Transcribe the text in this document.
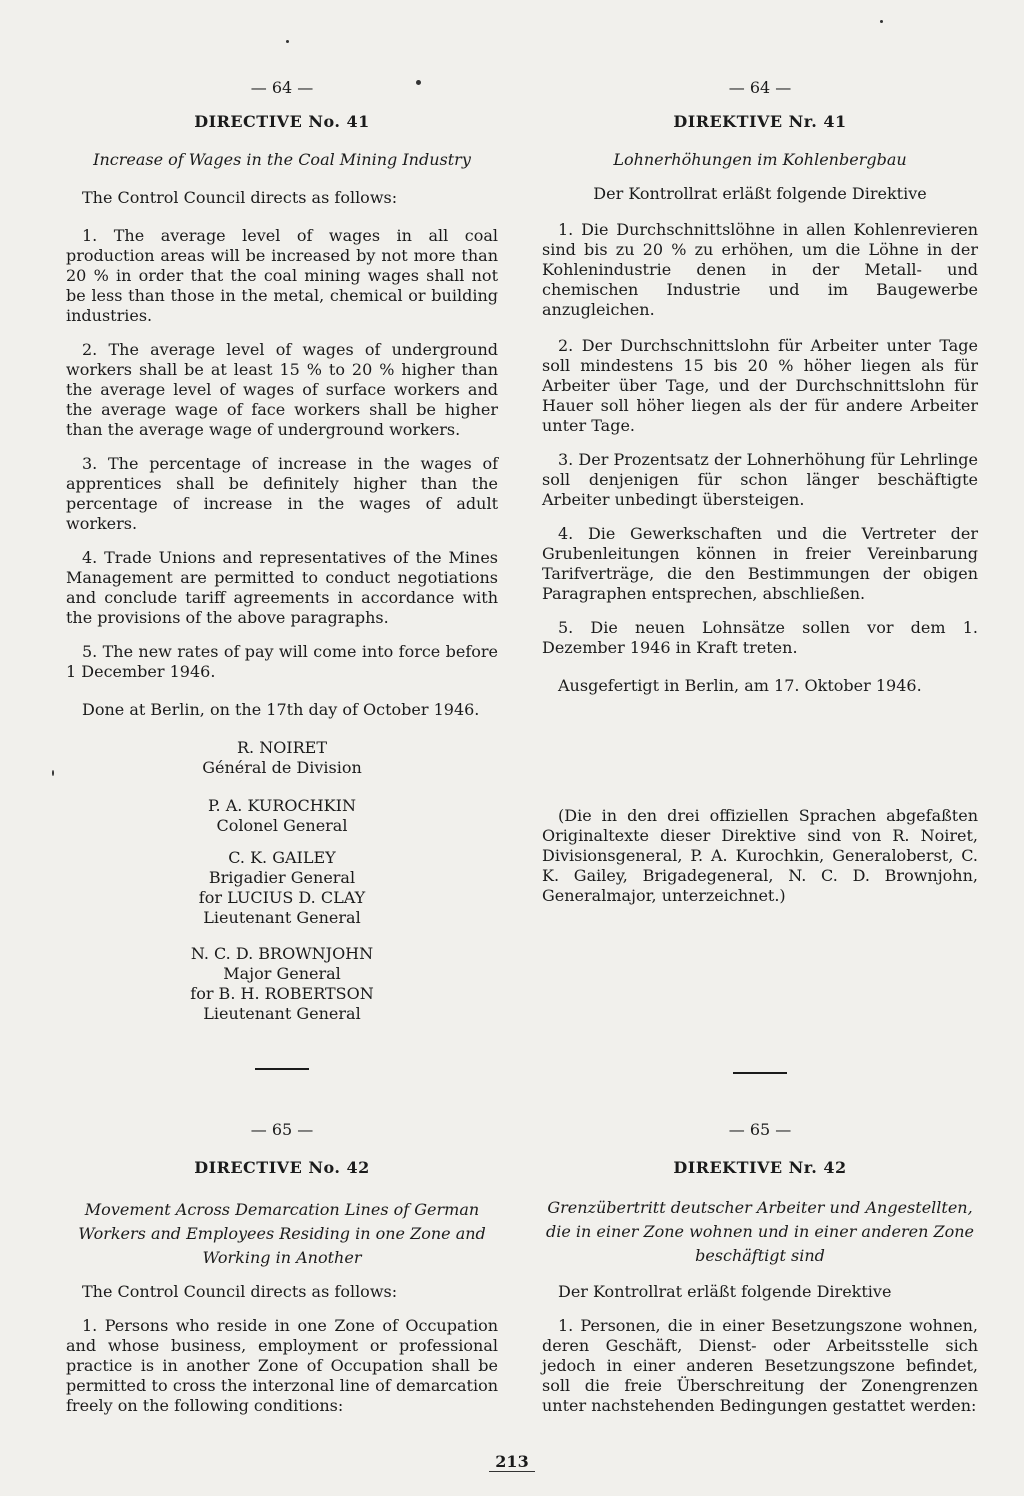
— 64 —
DIRECTIVE No. 41
Increase of Wages in the Coal Mining Industry
The Control Council directs as follows:

1. The average level of wages in all coal production areas will be increased by not more than 20 % in order that the coal mining wages shall not be less than those in the metal, chemical or building industries.

2. The average level of wages of underground workers shall be at least 15 % to 20 % higher than the average level of wages of surface workers and the average wage of face workers shall be higher than the average wage of underground workers.

3. The percentage of increase in the wages of apprentices shall be definitely higher than the percentage of increase in the wages of adult workers.

4. Trade Unions and representatives of the Mines Management are permitted to conduct negotiations and conclude tariff agreements in accordance with the provisions of the above paragraphs.

5. The new rates of pay will come into force before 1 December 1946.

Done at Berlin, on the 17th day of October 1946.
R. NOIRET
Général de Division
P. A. KUROCHKIN
Colonel General
C. K. GAILEY
Brigadier General
for LUCIUS D. CLAY
Lieutenant General
N. C. D. BROWNJOHN
Major General
for B. H. ROBERTSON
Lieutenant General
— 65 —
DIRECTIVE No. 42
Movement Across Demarcation Lines of German Workers and Employees Residing in one Zone and Working in Another
The Control Council directs as follows:

1. Persons who reside in one Zone of Occupation and whose business, employment or professional practice is in another Zone of Occupation shall be permitted to cross the interzonal line of demarcation freely on the following conditions:

— 64 —
DIREKTIVE Nr. 41
Lohnerhöhungen im Kohlenbergbau
Der Kontrollrat erläßt folgende Direktive

1. Die Durchschnittslöhne in allen Kohlenrevieren sind bis zu 20 % zu erhöhen, um die Löhne in der Kohlenindustrie denen in der Metall- und chemischen Industrie und im Baugewerbe anzugleichen.

2. Der Durchschnittslohn für Arbeiter unter Tage soll mindestens 15 bis 20 % höher liegen als für Arbeiter über Tage, und der Durchschnittslohn für Hauer soll höher liegen als der für andere Arbeiter unter Tage.

3. Der Prozentsatz der Lohnerhöhung für Lehrlinge soll denjenigen für schon länger beschäftigte Arbeiter unbedingt übersteigen.

4. Die Gewerkschaften und die Vertreter der Grubenleitungen können in freier Vereinbarung Tarifverträge, die den Bestimmungen der obigen Paragraphen entsprechen, abschließen.

5. Die neuen Lohnsätze sollen vor dem 1. Dezember 1946 in Kraft treten.

Ausgefertigt in Berlin, am 17. Oktober 1946.

(Die in den drei offiziellen Sprachen abgefaßten Originaltexte dieser Direktive sind von R. Noiret, Divisionsgeneral, P. A. Kurochkin, Generaloberst, C. K. Gailey, Brigadegeneral, N. C. D. Brownjohn, Generalmajor, unterzeichnet.)

— 65 —
DIREKTIVE Nr. 42
Grenzübertritt deutscher Arbeiter und Angestellten, die in einer Zone wohnen und in einer anderen Zone beschäftigt sind
Der Kontrollrat erläßt folgende Direktive

1. Personen, die in einer Besetzungszone wohnen, deren Geschäft, Dienst- oder Arbeitsstelle sich jedoch in einer anderen Besetzungszone befindet, soll die freie Überschreitung der Zonengrenzen unter nachstehenden Bedingungen gestattet werden:

213
